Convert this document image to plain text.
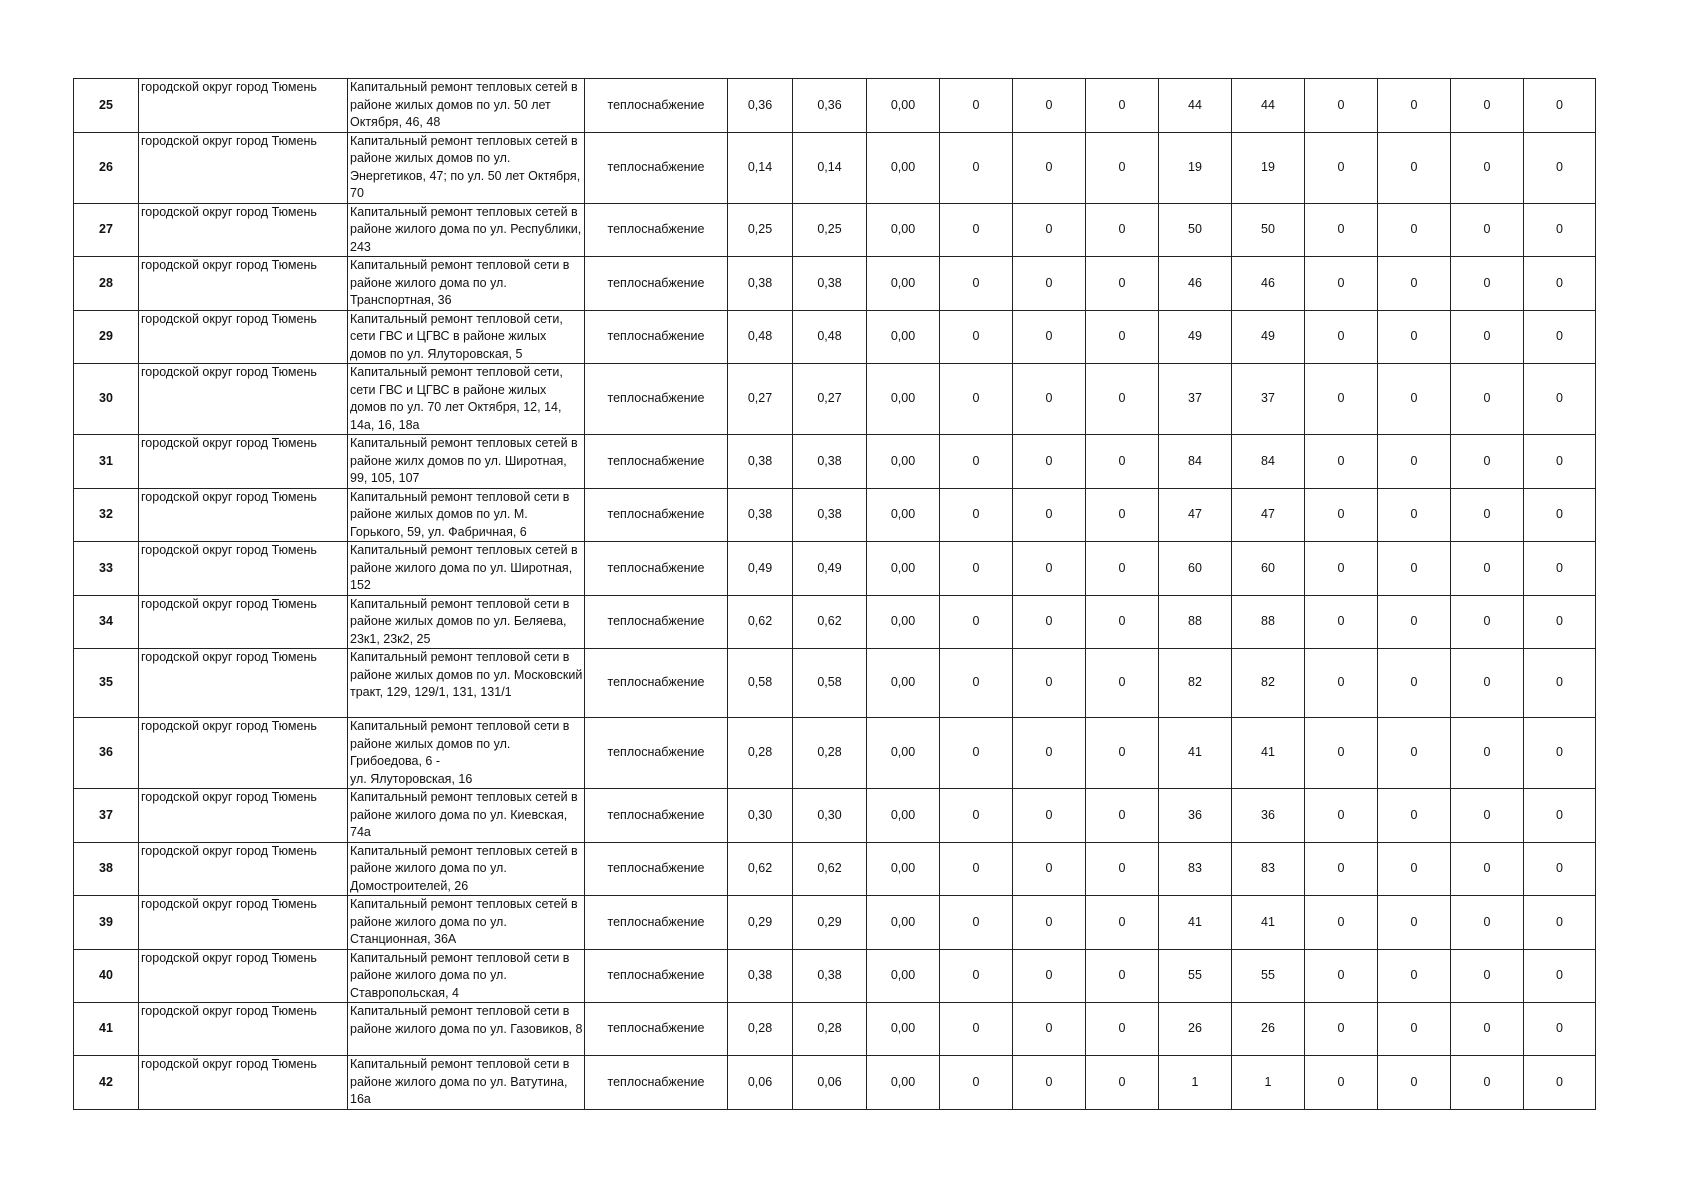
25	городской округ город Тюмень	Капитальный ремонт тепловых сетей в
районе жилых домов по ул. 50 лет
Октября, 46, 48	теплоснабжение	0,36	0,36	0,00	0	0	0	44	44	0	0	0	0
26	городской округ город Тюмень	Капитальный ремонт тепловых сетей в
районе жилых домов по ул.
Энергетиков, 47; по ул. 50 лет Октября,
70	теплоснабжение	0,14	0,14	0,00	0	0	0	19	19	0	0	0	0
27	городской округ город Тюмень	Капитальный ремонт тепловых сетей в
районе жилого дома по ул. Республики,
243	теплоснабжение	0,25	0,25	0,00	0	0	0	50	50	0	0	0	0
28	городской округ город Тюмень	Капитальный ремонт тепловой сети в
районе жилого дома по ул.
Транспортная, 36	теплоснабжение	0,38	0,38	0,00	0	0	0	46	46	0	0	0	0
29	городской округ город Тюмень	Капитальный ремонт тепловой сети,
сети ГВС и ЦГВС в районе жилых
домов по ул. Ялуторовская, 5	теплоснабжение	0,48	0,48	0,00	0	0	0	49	49	0	0	0	0
30	городской округ город Тюмень	Капитальный ремонт тепловой сети,
сети ГВС и ЦГВС в районе жилых
домов по ул. 70 лет Октября, 12, 14,
14а, 16, 18а	теплоснабжение	0,27	0,27	0,00	0	0	0	37	37	0	0	0	0
31	городской округ город Тюмень	Капитальный ремонт тепловых сетей в
районе жилх домов по ул. Широтная,
99, 105, 107	теплоснабжение	0,38	0,38	0,00	0	0	0	84	84	0	0	0	0
32	городской округ город Тюмень	Капитальный ремонт тепловой сети в
районе жилых домов по ул. М.
Горького, 59, ул. Фабричная, 6	теплоснабжение	0,38	0,38	0,00	0	0	0	47	47	0	0	0	0
33	городской округ город Тюмень	Капитальный ремонт тепловых сетей в
районе жилого дома по ул. Широтная,
152	теплоснабжение	0,49	0,49	0,00	0	0	0	60	60	0	0	0	0
34	городской округ город Тюмень	Капитальный ремонт тепловой сети в
районе жилых домов по ул. Беляева,
23к1, 23к2, 25	теплоснабжение	0,62	0,62	0,00	0	0	0	88	88	0	0	0	0
35	городской округ город Тюмень	Капитальный ремонт тепловой сети в
районе жилых домов по ул. Московский
тракт, 129, 129/1, 131, 131/1	теплоснабжение	0,58	0,58	0,00	0	0	0	82	82	0	0	0	0
36	городской округ город Тюмень	Капитальный ремонт тепловой сети в
районе жилых домов по ул.
Грибоедова, 6 -
ул. Ялуторовская, 16	теплоснабжение	0,28	0,28	0,00	0	0	0	41	41	0	0	0	0
37	городской округ город Тюмень	Капитальный ремонт тепловых сетей в
районе жилого дома по ул. Киевская,
74а	теплоснабжение	0,30	0,30	0,00	0	0	0	36	36	0	0	0	0
38	городской округ город Тюмень	Капитальный ремонт тепловых сетей в
районе жилого дома по ул.
Домостроителей, 26	теплоснабжение	0,62	0,62	0,00	0	0	0	83	83	0	0	0	0
39	городской округ город Тюмень	Капитальный ремонт тепловых сетей в
районе жилого дома по ул.
Станционная, 36А	теплоснабжение	0,29	0,29	0,00	0	0	0	41	41	0	0	0	0
40	городской округ город Тюмень	Капитальный ремонт тепловой сети в
районе жилого дома по ул.
Ставропольская, 4	теплоснабжение	0,38	0,38	0,00	0	0	0	55	55	0	0	0	0
41	городской округ город Тюмень	Капитальный ремонт тепловой сети в
районе жилого дома по ул. Газовиков, 8	теплоснабжение	0,28	0,28	0,00	0	0	0	26	26	0	0	0	0
42	городской округ город Тюмень	Капитальный ремонт тепловой сети в
районе жилого дома по ул. Ватутина,
16а	теплоснабжение	0,06	0,06	0,00	0	0	0	1	1	0	0	0	0
